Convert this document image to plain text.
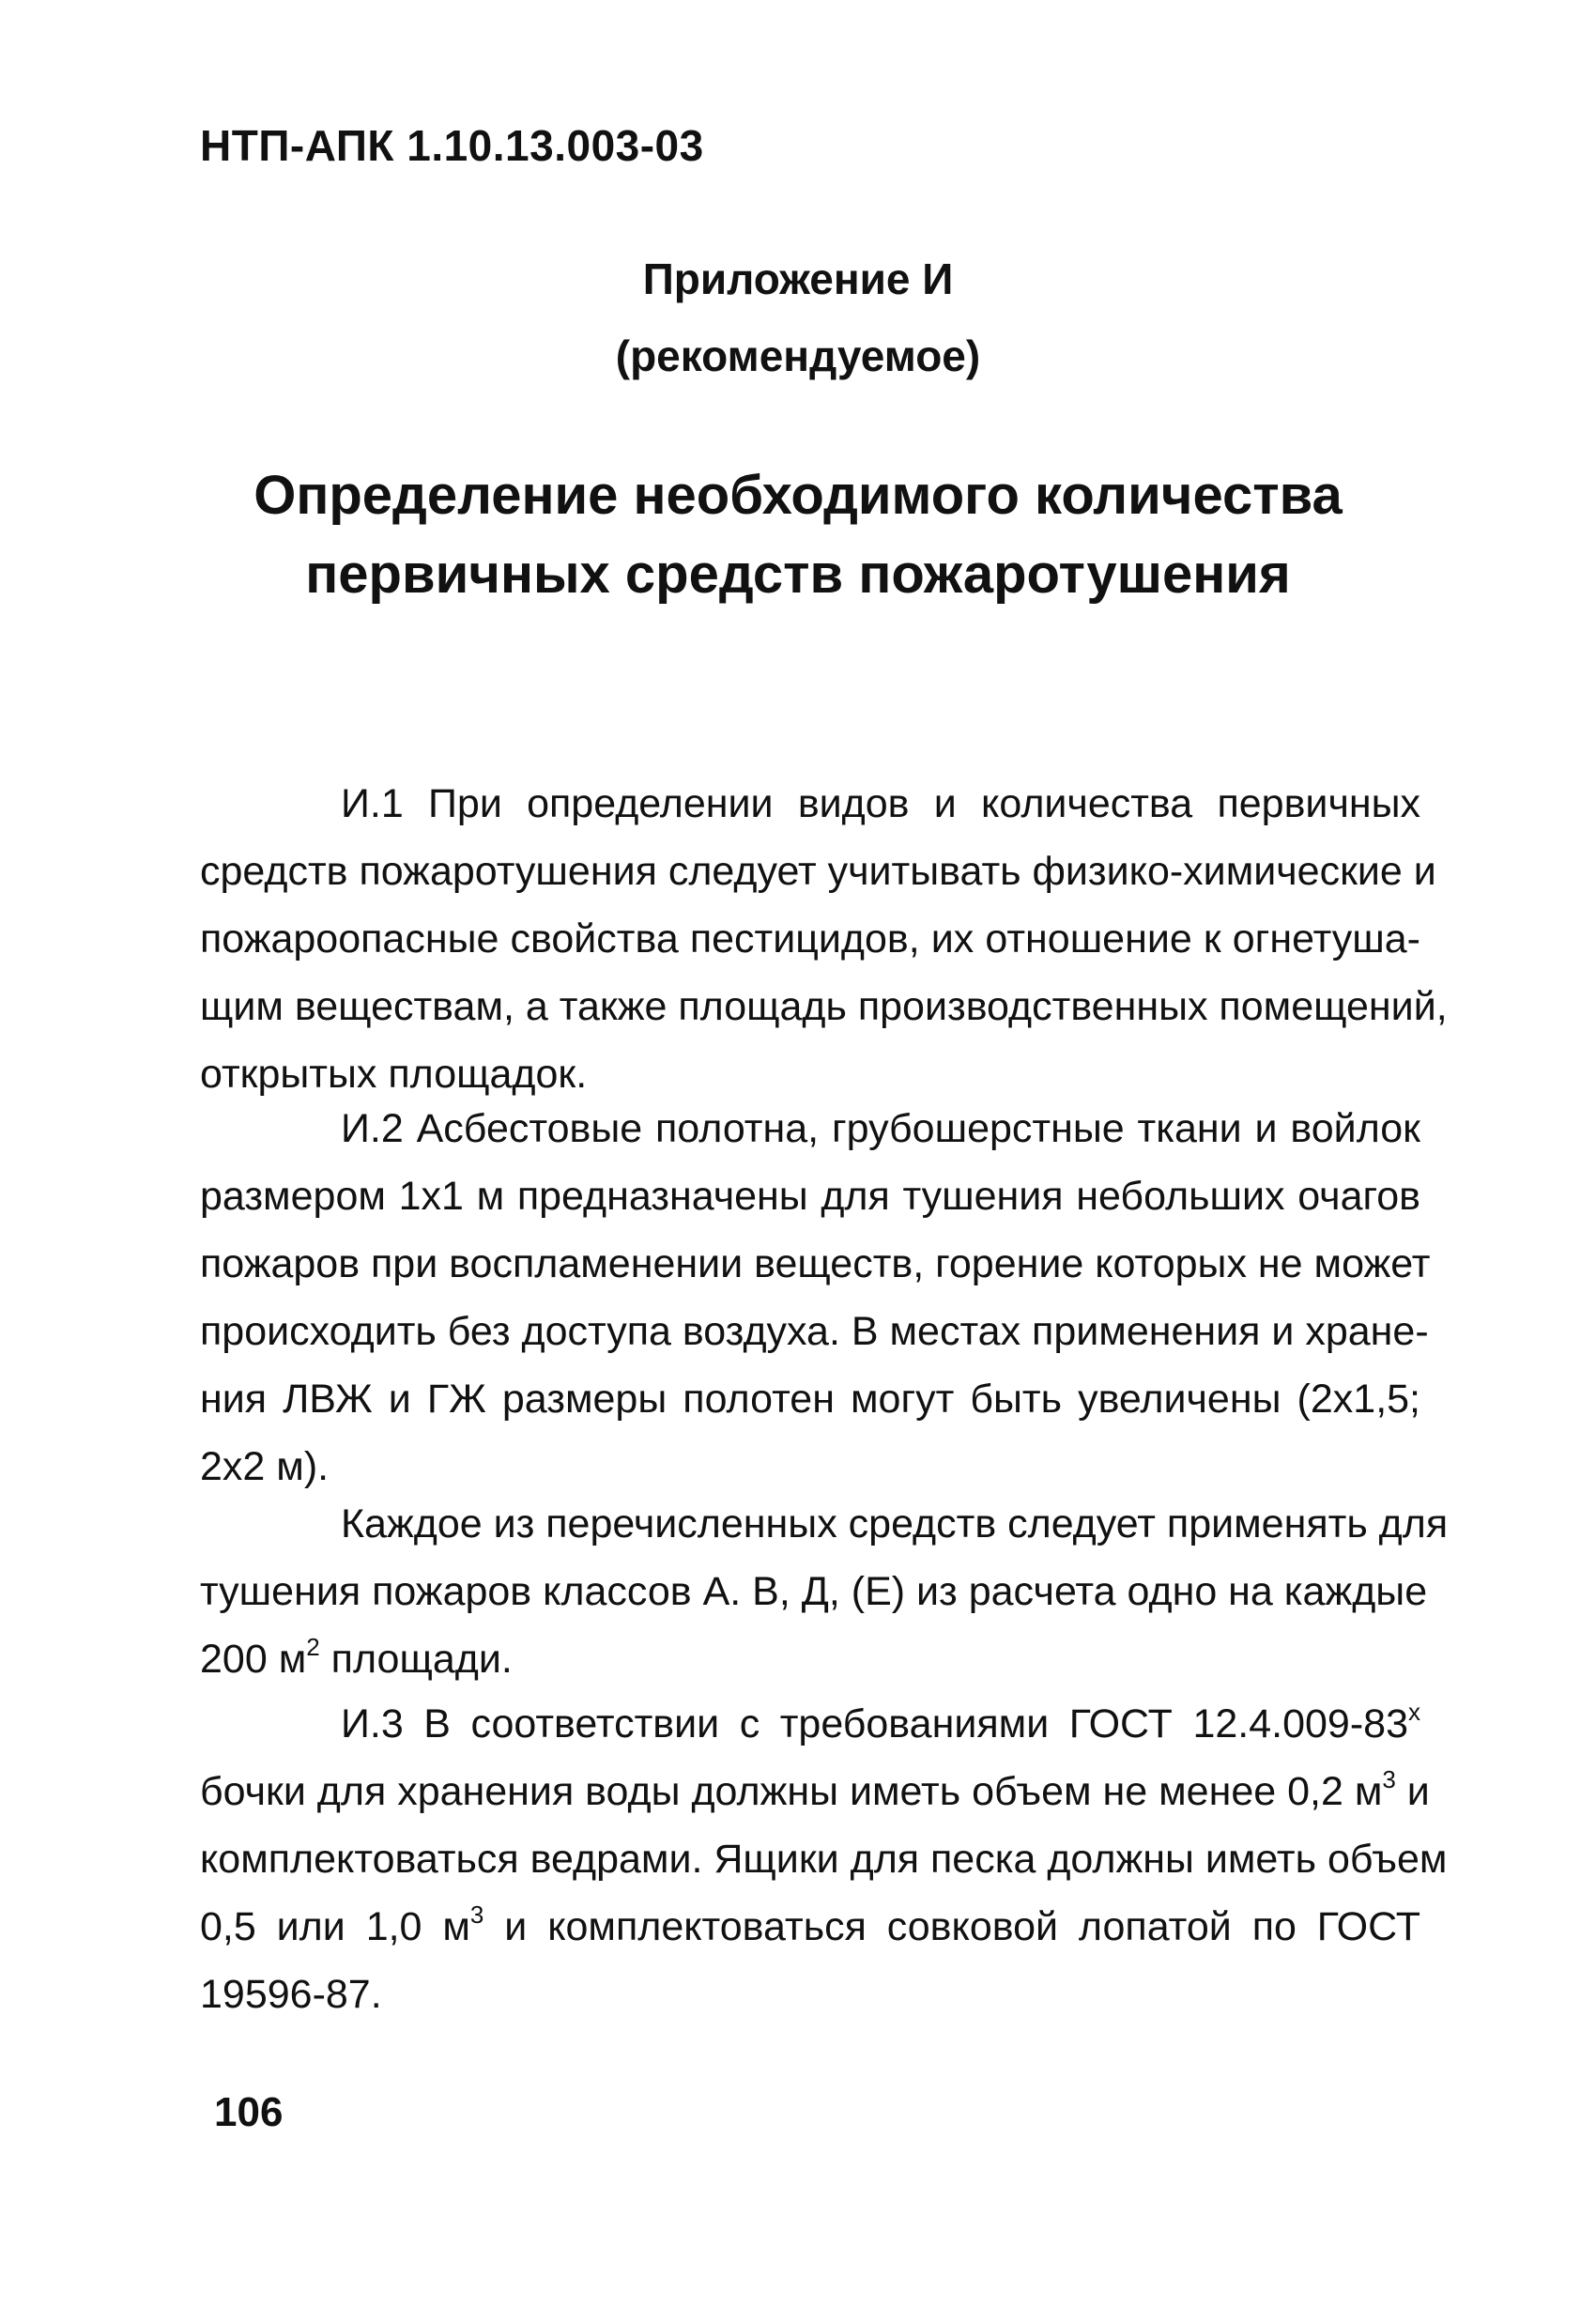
НТП-АПК 1.10.13.003-03
Приложение И
(рекомендуемое)
Определение необходимого количества
первичных средств пожаротушения
И.1 При определении видов и количества первичных
средств пожаротушения следует учитывать физико-химические и
пожароопасные свойства пестицидов, их отношение к огнетуша-
щим веществам, а также площадь производственных помещений,
открытых площадок.
И.2 Асбестовые полотна, грубошерстные ткани и войлок
размером 1х1 м предназначены для тушения небольших очагов
пожаров при воспламенении веществ, горение которых не может
происходить без доступа воздуха. В местах применения и хране-
ния ЛВЖ и ГЖ размеры полотен могут быть увеличены (2х1,5;
2х2 м).
Каждое из перечисленных средств следует применять для
тушения пожаров классов А. В, Д, (Е) из расчета одно на каждые
200 $м^2$ площади.
И.3 В соответствии с требованиями ГОСТ $12.4.009-83^х$
бочки для хранения воды должны иметь объем не менее 0,2 $м^3$ и
комплектоваться ведрами. Ящики для песка должны иметь объем
0,5 или 1,0 $м^3$ и комплектоваться совковой лопатой по ГОСТ
19596-87.
106
